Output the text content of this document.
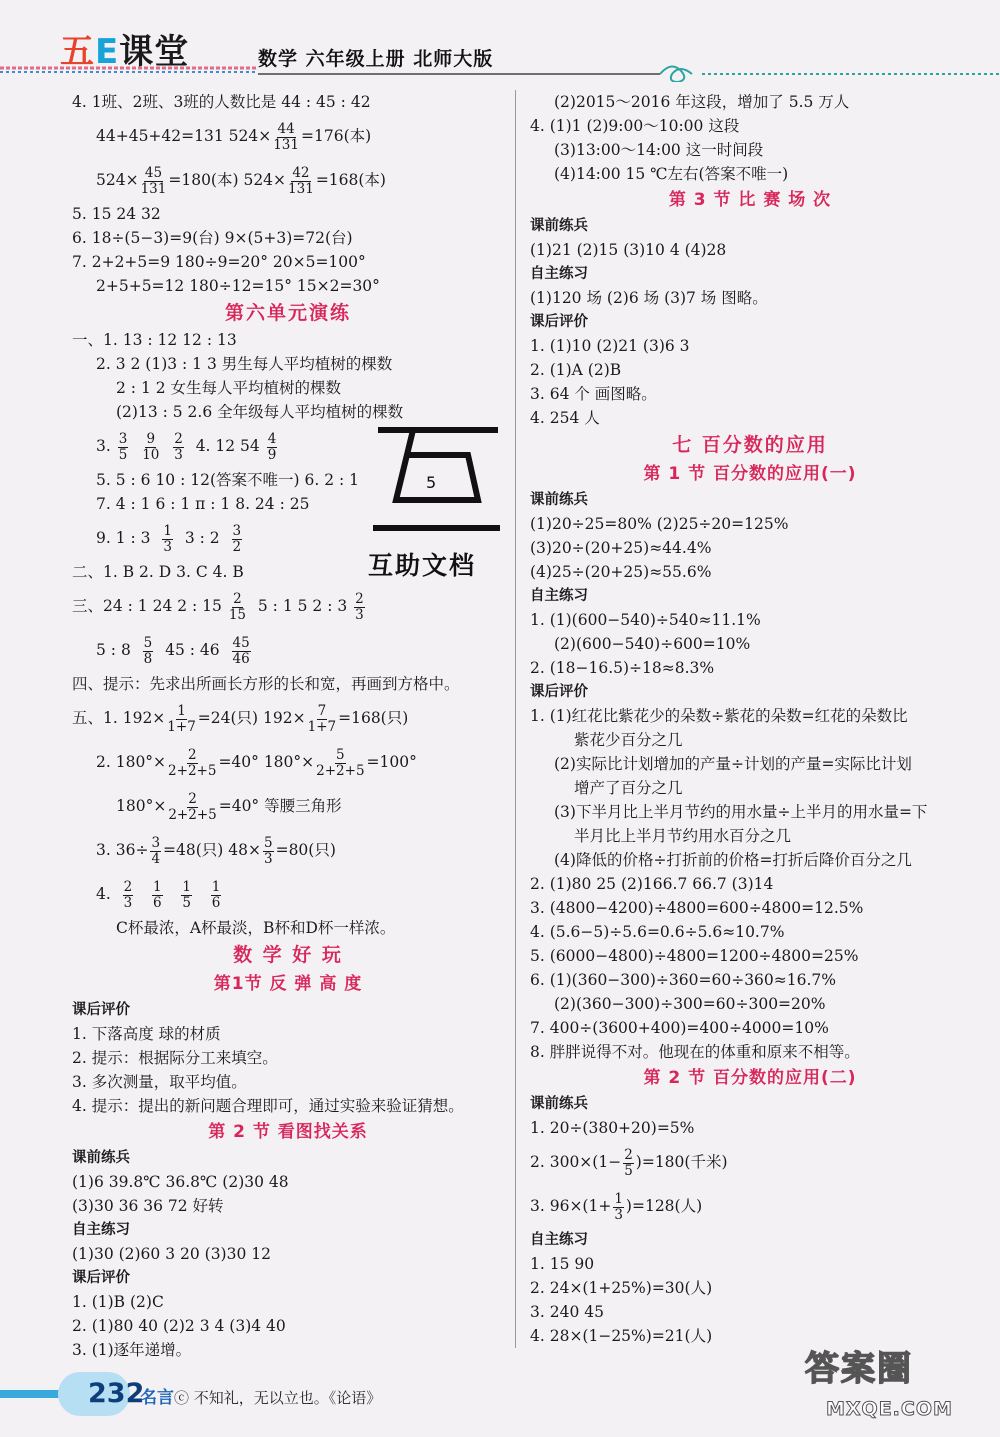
五E课堂	数学 六年级上册 北师大版
4. 1班、2班、3班的人数比是 44 : 45 : 42
44+45+42=131 $524\times \frac{44}{131} =176$(本)
$524\times \frac{45}{131} =180$(本) $524\times \frac{42}{131} =168$(本)
5. 15 24 32
6. 18÷(5−3)=9(台) 9×(5+3)=72(台)
7. 2+2+5=9 180÷9=20° 20×5=100°
2+5+5=12 180÷12=15° 15×2=30°
第六单元演练
一、1. 13 : 12 12 : 13
2. 3 2 (1)3 : 1 3 男生每人平均植树的棵数
2 : 1 2 女生每人平均植树的棵数
(2)13 : 5 2.6 全年级每人平均植树的棵数
3. $\frac{3}{5}$
$\frac{9}{10}$
$\frac{2}{3} 4$. 12 $54 \frac{4}{9}$
5. 5 : 6 10 : 12(答案不唯一) 6. 2 : 1
7. 4 : 1 6 : 1 π : 1 8. 24 : 25
9. 1 : $3 \frac{1}{3} 3$ : $2 \frac{3}{2}$
二、1. B 2. D 3. C 4. B
三、24 : 1 24 2 : $15 \frac{2}{15} 5$ : 1 5 2 : $3 \frac{2}{3}$
5 : $8 \frac{5}{8} 45$ : $46 \frac{45}{46}$
四、提示：先求出所画长方形的长和宽，再画到方格中。
五、1. $192\times \frac{1}{1+7} =24$(只) $192\times \frac{7}{1+7} =168$(只)
2. $180^\circ\times \frac{2}{2+2+5} =40^\circ$ $180^\circ\times \frac{5}{2+2+5} =100^\circ$
$180^\circ\times \frac{2}{2+2+5} =40^\circ$ 等腰三角形
3. $36\div \frac{3}{4} =48$(只) $48\times \frac{5}{3} =80$(只)
4. $\frac{2}{3}$
$\frac{1}{6}$
$\frac{1}{5}$
$\frac{1}{6}$
C杯最浓，A杯最淡，B杯和D杯一样浓。
数 学 好 玩
第1节 反 弹 高 度
课后评价
1. 下落高度 球的材质
2. 提示：根据际分工来填空。
3. 多次测量，取平均值。
4. 提示：提出的新问题合理即可，通过实验来验证猜想。
第 2 节 看图找关系
课前练兵
(1)6 39.8℃ 36.8℃ (2)30 48
(3)30 36 36 72 好转
自主练习
(1)30 (2)60 3 20 (3)30 12
课后评价
1. (1)B (2)C
2. (1)80 40 (2)2 3 4 (3)4 40
3. (1)逐年递增。
5
互助文档
(2)2015～2016 年这段，增加了 5.5 万人
4. (1)1 (2)9:00～10:00 这段
(3)13:00～14:00 这一时间段
(4)14:00 15 ℃左右(答案不唯一)
第 3 节 比 赛 场 次
课前练兵
(1)21 (2)15 (3)10 4 (4)28
自主练习
(1)120 场 (2)6 场 (3)7 场 图略。
课后评价
1. (1)10 (2)21 (3)6 3
2. (1)A (2)B
3. 64 个 画图略。
4. 254 人
七 百分数的应用
第 1 节 百分数的应用(一)
课前练兵
(1)20÷25=80% (2)25÷20=125%
(3)20÷(20+25)≈44.4%
(4)25÷(20+25)≈55.6%
自主练习
1. (1)(600−540)÷540≈11.1%
(2)(600−540)÷600=10%
2. (18−16.5)÷18≈8.3%
课后评价
1. (1)红花比紫花少的朵数÷紫花的朵数=红花的朵数比
紫花少百分之几
(2)实际比计划增加的产量÷计划的产量=实际比计划
增产了百分之几
(3)下半月比上半月节约的用水量÷上半月的用水量=下
半月比上半月节约用水百分之几
(4)降低的价格÷打折前的价格=打折后降价百分之几
2. (1)80 25 (2)166.7 66.7 (3)14
3. (4800−4200)÷4800=600÷4800=12.5%
4. (5.6−5)÷5.6=0.6÷5.6≈10.7%
5. (6000−4800)÷4800=1200÷4800=25%
6. (1)(360−300)÷360=60÷360≈16.7%
(2)(360−300)÷300=60÷300=20%
7. 400÷(3600+400)=400÷4000=10%
8. 胖胖说得不对。他现在的体重和原来不相等。
第 2 节 百分数的应用(二)
课前练兵
1. 20÷(380+20)=5%
2. $300\times(1- \frac{2}{5} )=180$(千米)
3. $96\times(1+ \frac{1}{3} )=128$(人)
自主练习
1. 15 90
2. 24×(1+25%)=30(人)
3. 240 45
4. 28×(1−25%)=21(人)
232
名言ⓒ 不知礼，无以立也。《论语》
答案圈
MXQE.COM
